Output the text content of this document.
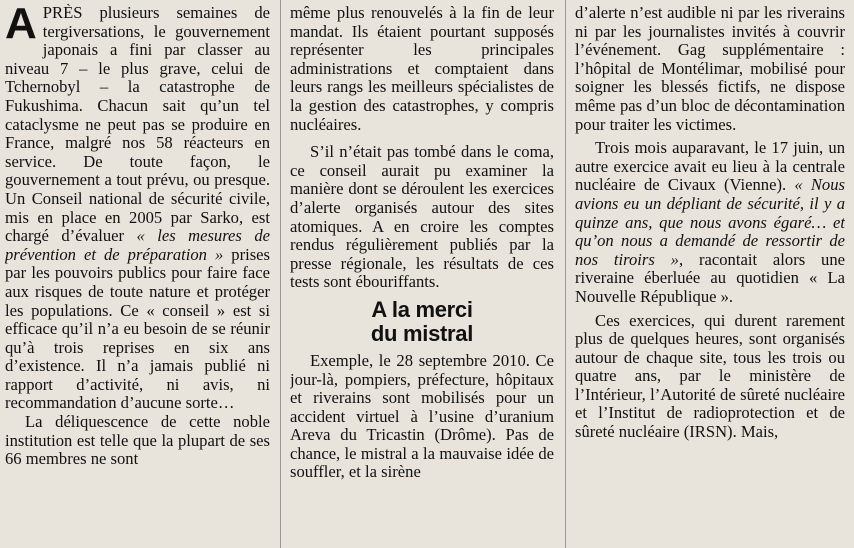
APRÈS plusieurs semaines de tergiversations, le gouvernement japonais a fini par classer au niveau 7 – le plus grave, celui de Tchernobyl – la catastrophe de Fukushima. Chacun sait qu’un tel cataclysme ne peut pas se produire en France, malgré nos 58 réacteurs en service. De toute façon, le gouvernement a tout prévu, ou presque. Un Conseil national de sécurité civile, mis en place en 2005 par Sarko, est chargé d’évaluer « les mesures de prévention et de préparation » prises par les pouvoirs publics pour faire face aux risques de toute nature et protéger les populations. Ce « conseil » est si efficace qu’il n’a eu besoin de se réunir qu’à trois reprises en six ans d’existence. Il n’a jamais publié ni rapport d’activité, ni avis, ni recommandation d’aucune sorte…

La déliquescence de cette noble institution est telle que la plupart de ses 66 membres ne sont

même plus renouvelés à la fin de leur mandat. Ils étaient pourtant supposés représenter les principales administrations et comptaient dans leurs rangs les meilleurs spécialistes de la gestion des catastrophes, y compris nucléaires.

S’il n’était pas tombé dans le coma, ce conseil aurait pu examiner la manière dont se déroulent les exercices d’alerte organisés autour des sites atomiques. A en croire les comptes rendus régulièrement publiés par la presse régionale, les résultats de ces tests sont ébouriffants.

A la merci
du mistral

Exemple, le 28 septembre 2010. Ce jour-là, pompiers, préfecture, hôpitaux et riverains sont mobilisés pour un accident virtuel à l’usine d’uranium Areva du Tricastin (Drôme). Pas de chance, le mistral a la mauvaise idée de souffler, et la sirène

d’alerte n’est audible ni par les riverains ni par les journalistes invités à couvrir l’événement. Gag supplémentaire : l’hôpital de Montélimar, mobilisé pour soigner les blessés fictifs, ne dispose même pas d’un bloc de décontamination pour traiter les victimes.

Trois mois auparavant, le 17 juin, un autre exercice avait eu lieu à la centrale nucléaire de Civaux (Vienne). « Nous avions eu un dépliant de sécurité, il y a quinze ans, que nous avons égaré… et qu’on nous a demandé de ressortir de nos tiroirs », racontait alors une riveraine éberluée au quotidien « La Nouvelle République ».

Ces exercices, qui durent rarement plus de quelques heures, sont organisés autour de chaque site, tous les trois ou quatre ans, par le ministère de l’Intérieur, l’Autorité de sûreté nucléaire et l’Institut de radioprotection et de sûreté nucléaire (IRSN). Mais,
